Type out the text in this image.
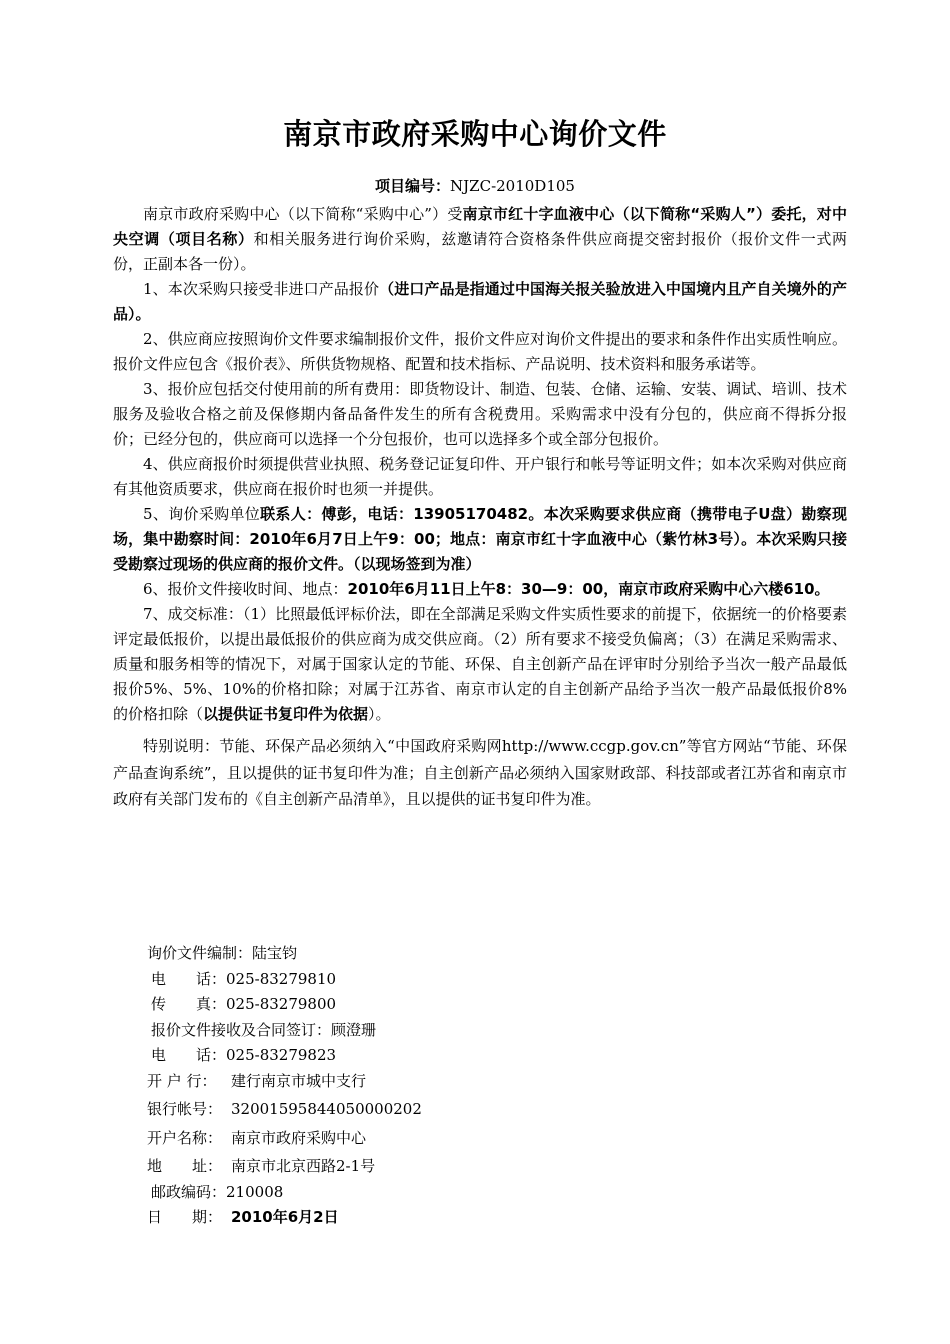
南京市政府采购中心询价文件
项目编号：NJZC-2010D105

南京市政府采购中心（以下简称“采购中心”）受南京市红十字血液中心（以下简称“采购人”）委托，对中央空调（项目名称）和相关服务进行询价采购，兹邀请符合资格条件供应商提交密封报价（报价文件一式两份，正副本各一份）。

1、本次采购只接受非进口产品报价（进口产品是指通过中国海关报关验放进入中国境内且产自关境外的产品）。

2、供应商应按照询价文件要求编制报价文件，报价文件应对询价文件提出的要求和条件作出实质性响应。报价文件应包含《报价表》、所供货物规格、配置和技术指标、产品说明、技术资料和服务承诺等。

3、报价应包括交付使用前的所有费用：即货物设计、制造、包装、仓储、运输、安装、调试、培训、技术服务及验收合格之前及保修期内备品备件发生的所有含税费用。采购需求中没有分包的，供应商不得拆分报价；已经分包的，供应商可以选择一个分包报价，也可以选择多个或全部分包报价。

4、供应商报价时须提供营业执照、税务登记证复印件、开户银行和帐号等证明文件；如本次采购对供应商有其他资质要求，供应商在报价时也须一并提供。

5、询价采购单位联系人：傅彭，电话：13905170482。本次采购要求供应商（携带电子U盘）勘察现场，集中勘察时间：2010年6月7日上午9：00；地点：南京市红十字血液中心（紫竹林3号）。本次采购只接受勘察过现场的供应商的报价文件。（以现场签到为准）

6、报价文件接收时间、地点：2010年6月11日上午8：30—9：00，南京市政府采购中心六楼610。

7、成交标准：（1）比照最低评标价法，即在全部满足采购文件实质性要求的前提下，依据统一的价格要素评定最低报价，以提出最低报价的供应商为成交供应商。（2）所有要求不接受负偏离；（3）在满足采购需求、质量和服务相等的情况下，对属于国家认定的节能、环保、自主创新产品在评审时分别给予当次一般产品最低报价5%、5%、10%的价格扣除；对属于江苏省、南京市认定的自主创新产品给予当次一般产品最低报价8%的价格扣除（以提供证书复印件为依据）。

特别说明：节能、环保产品必须纳入“中国政府采购网http://www.ccgp.gov.cn”等官方网站“节能、环保产品查询系统”，且以提供的证书复印件为准；自主创新产品必须纳入国家财政部、科技部或者江苏省和南京市政府有关部门发布的《自主创新产品清单》，且以提供的证书复印件为准。

询价文件编制：陆宝钧
电　　话：025-83279810
传　　真：025-83279800
报价文件接收及合同签订：顾澄珊
电　　话：025-83279823
开 户 行： 建行南京市城中支行
银行帐号： 32001595844050000202
开户名称： 南京市政府采购中心
地　　址： 南京市北京西路2-1号
邮政编码：210008
日　　期： 2010年6月2日
